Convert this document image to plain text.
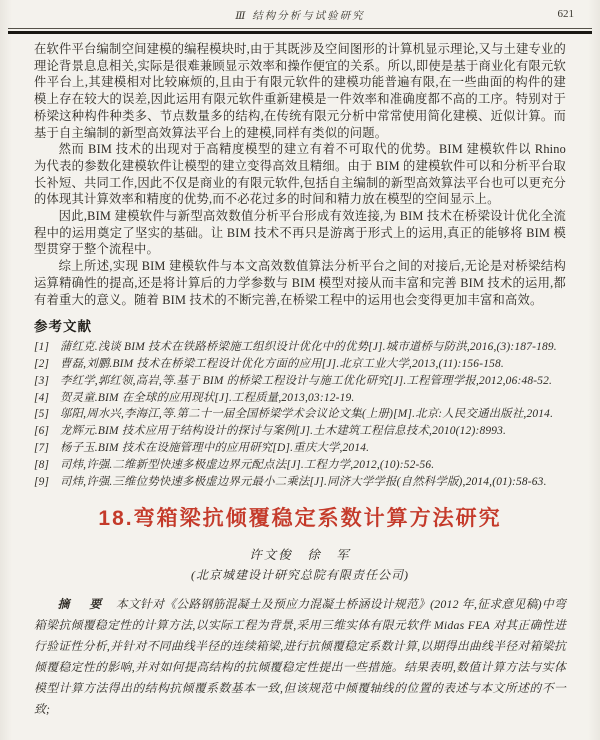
Ⅲ 结构分析与试验研究	621

在软件平台编制空间建模的编程模块时,由于其既涉及空间图形的计算机显示理论,又与土建专业的理论背景息息相关,实际是很难兼顾显示效率和操作便宜的关系。所以,即使是基于商业化有限元软件平台上,其建模相对比较麻烦的,且由于有限元软件的建模功能普遍有限,在一些曲面的构件的建模上存在较大的误差,因此运用有限元软件重新建模是一件效率和准确度都不高的工序。特别对于桥梁这种构件种类多、节点数量多的结构,在传统有限元分析中常常使用简化建模、近似计算。而基于自主编制的新型高效算法平台上的建模,同样有类似的问题。

然而 BIM 技术的出现对于高精度模型的建立有着不可取代的优势。BIM 建模软件以 Rhino 为代表的参数化建模软件让模型的建立变得高效且精细。由于 BIM 的建模软件可以和分析平台取长补短、共同工作,因此不仅是商业的有限元软件,包括自主编制的新型高效算法平台也可以更充分的体现其计算效率和精度的优势,而不必花过多的时间和精力放在模型的空间显示上。

因此,BIM 建模软件与新型高效数值分析平台形成有效连接,为 BIM 技术在桥梁设计优化全流程中的运用奠定了坚实的基础。让 BIM 技术不再只是游离于形式上的运用,真正的能够将 BIM 模型贯穿于整个流程中。

综上所述,实现 BIM 建模软件与本文高效数值算法分析平台之间的对接后,无论是对桥梁结构运算精确性的提高,还是将计算后的力学参数与 BIM 模型对接从而丰富和完善 BIM 技术的运用,都有着重大的意义。随着 BIM 技术的不断完善,在桥梁工程中的运用也会变得更加丰富和高效。

参考文献

[1] 蒲红克.浅谈 BIM 技术在铁路桥梁施工组织设计优化中的优势[J].城市道桥与防洪,2016,(3):187-189.

[2] 曹磊,刘鹏.BIM 技术在桥梁工程设计优化方面的应用[J].北京工业大学,2013,(11):156-158.

[3] 李红学,郭红领,高岩,等.基于 BIM 的桥梁工程设计与施工优化研究[J].工程管理学报,2012,06:48-52.

[4] 贺灵童.BIM 在全球的应用现状[J].工程质量,2013,03:12-19.

[5] 邬阳,周水兴,李海江,等.第二十一届全国桥梁学术会议论文集(上册)[M].北京:人民交通出版社,2014.

[6] 龙辉元.BIM 技术应用于结构设计的探讨与案例[J].土木建筑工程信息技术,2010(12):8993.

[7] 杨子玉.BIM 技术在设施管理中的应用研究[D].重庆大学,2014.

[8] 司炜,许强.二维新型快速多极虚边界元配点法[J].工程力学,2012,(10):52-56.

[9] 司炜,许强.三维位势快速多极虚边界元最小二乘法[J].同济大学学报(自然科学版),2014,(01):58-63.

18.弯箱梁抗倾覆稳定系数计算方法研究
许文俊　徐　军
(北京城建设计研究总院有限责任公司)

摘　要 本文针对《公路钢筋混凝土及预应力混凝土桥涵设计规范》(2012 年,征求意见稿)中弯箱梁抗倾覆稳定性的计算方法,以实际工程为背景,采用三维实体有限元软件 Midas FEA 对其正确性进行验证性分析,并针对不同曲线半径的连续箱梁,进行抗倾覆稳定系数计算,以期得出曲线半径对箱梁抗倾覆稳定性的影响,并对如何提高结构的抗倾覆稳定性提出一些措施。结果表明,数值计算方法与实体模型计算方法得出的结构抗倾覆系数基本一致,但该规范中倾覆轴线的位置的表述与本文所述的不一致;
